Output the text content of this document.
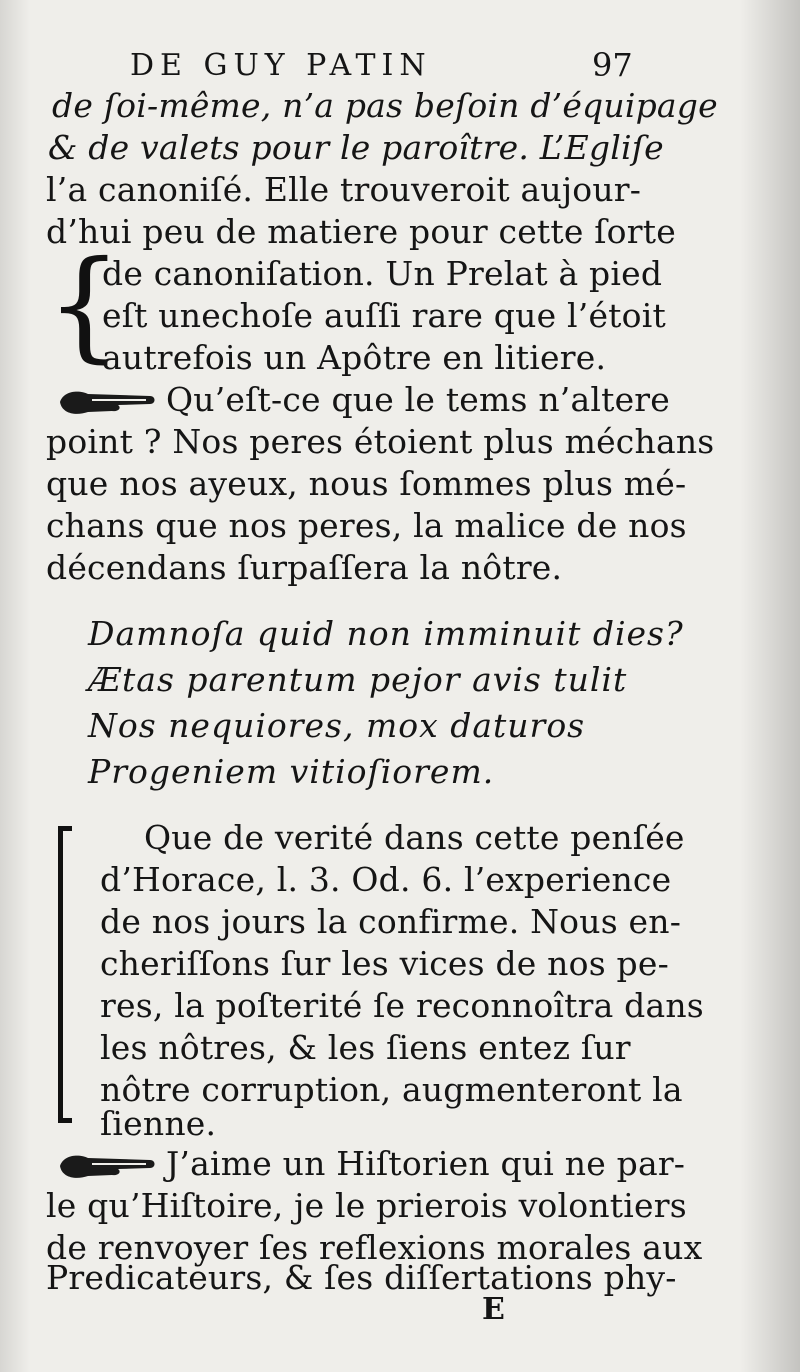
DE GUY PATIN	97
de ſoi-même, n’a pas beſoin d’équipage
& de valets pour le paroître. L’Egliſe
l’a canoniſé. Elle trouveroit aujour-
d’hui peu de matiere pour cette ſorte
{
de canoniſation. Un Prelat à pied
eſt unechoſe auſſi rare que l’étoit
autrefois un Apôtre en litiere.
Qu’eſt-ce que le tems n’altere
point ? Nos peres étoient plus méchans
que nos ayeux, nous ſommes plus mé-
chans que nos peres, la malice de nos
décendans ſurpaſſera la nôtre.
Damnoſa quid non imminuit dies?
Ætas parentum pejor avis tulit
Nos nequiores, mox daturos
Progeniem vitioſiorem.
Que de verité dans cette penſée
d’Horace, l. 3. Od. 6. l’experience
de nos jours la confirme. Nous en-
cheriſſons ſur les vices de nos pe-
res, la poſterité ſe reconnoîtra dans
les nôtres, & les ſiens entez ſur
nôtre corruption, augmenteront la
ſienne.
J’aime un Hiſtorien qui ne par-
le qu’Hiſtoire, je le prierois volontiers
de renvoyer ſes reflexions morales aux
Predicateurs, & ſes diſſertations phy-
E
